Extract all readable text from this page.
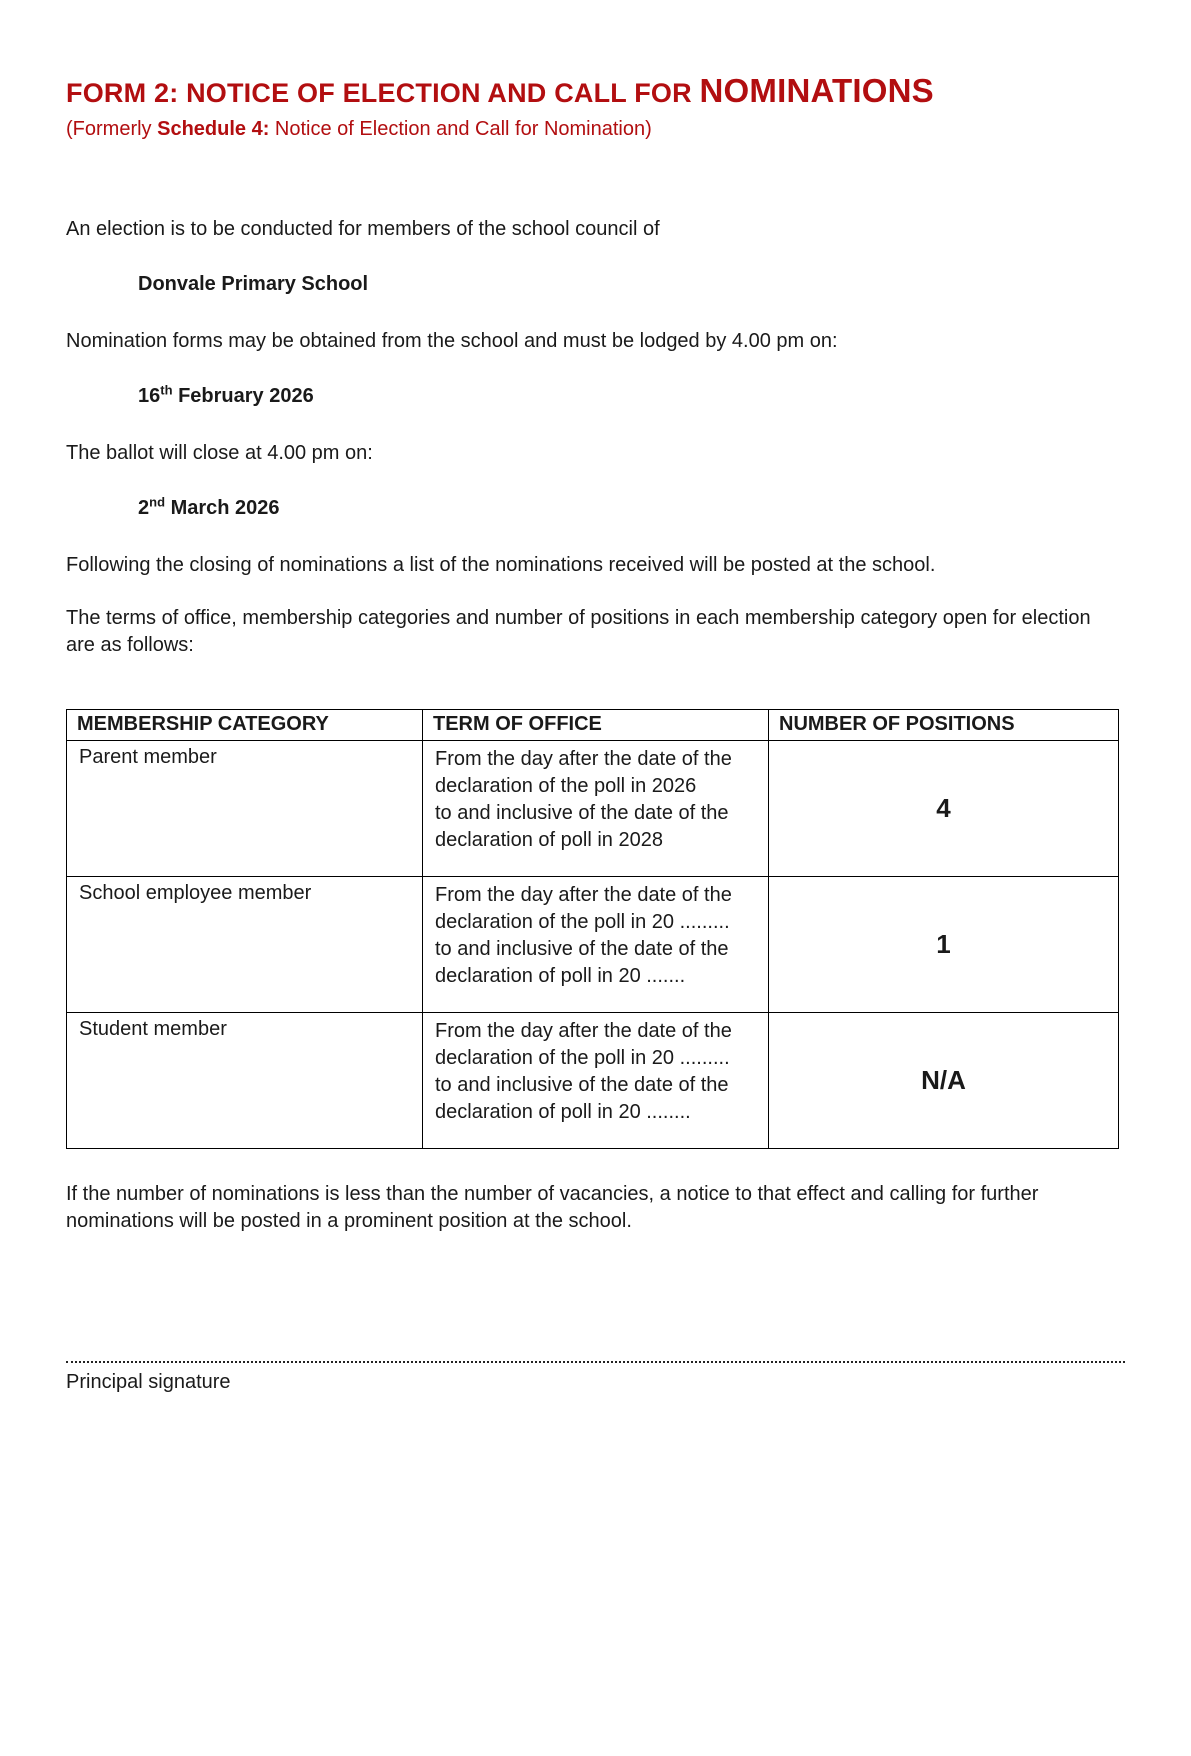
FORM 2: NOTICE OF ELECTION AND CALL FOR NOMINATIONS
(Formerly Schedule 4: Notice of Election and Call for Nomination)

An election is to be conducted for members of the school council of

Donvale Primary School

Nomination forms may be obtained from the school and must be lodged by 4.00 pm on:

16th February 2026

The ballot will close at 4.00 pm on:

2nd March 2026

Following the closing of nominations a list of the nominations received will be posted at the school.

The terms of office, membership categories and number of positions in each membership category open for election are as follows:

MEMBERSHIP CATEGORY	TERM OF OFFICE	NUMBER OF POSITIONS
Parent member	From the day after the date of the
declaration of the poll in 2026
to and inclusive of the date of the
declaration of poll in 2028	4
School employee member	From the day after the date of the
declaration of the poll in 20 .........
to and inclusive of the date of the
declaration of poll in 20 .......	1
Student member	From the day after the date of the
declaration of the poll in 20 .........
to and inclusive of the date of the
declaration of poll in 20 ........	N/A

If the number of nominations is less than the number of vacancies, a notice to that effect and calling for further nominations will be posted in a prominent position at the school.

Principal signature
